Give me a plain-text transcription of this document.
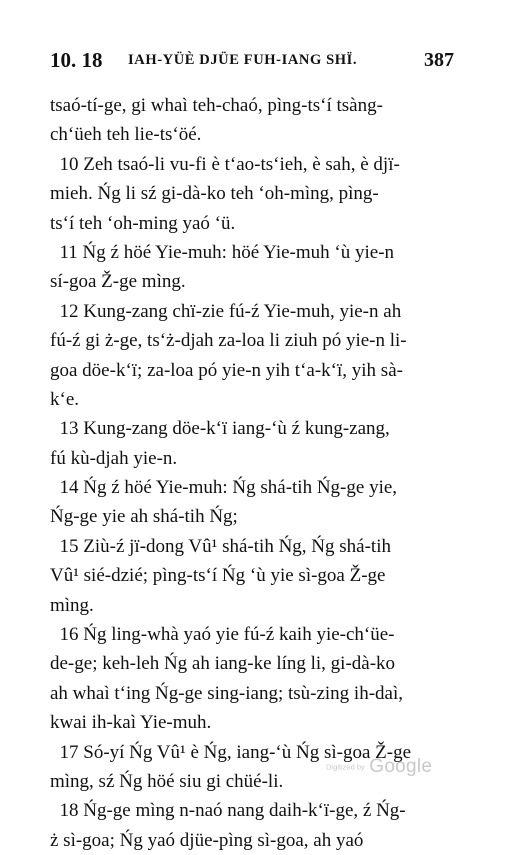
10. 18 IAH-YÜÈ DJÜE FUH-IANG SHÏ.	387
tsaó-tí-ge, gi whaì teh-chaó, pìng-ts‘í tsàng-
ch‘üeh teh lie-ts‘öé.
10 Zeh tsaó-li vu-fi è t‘ao-ts‘ieh, è sah, è djï-
mieh. Ńg li sź gi-dà-ko teh ‘oh-mìng, pìng-
ts‘í teh ‘oh-ming yaó ‘ü.
11 Ńg ź höé Yie-muh: höé Yie-muh ‘ù yie-n
sí-goa Ž-ge mìng.
12 Kung-zang chï-zie fú-ź Yie-muh, yie-n ah
fú-ź gi ż-ge, ts‘ż-djah za-loa li ziuh pó yie-n li-
goa döe-k‘ï; za-loa pó yie-n yih t‘a-k‘ï, yih sà-
k‘e.
13 Kung-zang döe-k‘ï iang-‘ù ź kung-zang,
fú kù-djah yie-n.
14 Ńg ź höé Yie-muh: Ńg shá-tih Ńg-ge yie,
Ńg-ge yie ah shá-tih Ńg;
15 Ziù-ź jï-dong Vû¹ shá-tih Ńg, Ńg shá-tih
Vû¹ sié-dzié; pìng-ts‘í Ńg ‘ù yie sì-goa Ž-ge
mìng.
16 Ńg ling-whà yaó yie fú-ź kaih yie-ch‘üe-
de-ge; keh-leh Ńg ah iang-ke líng li, gi-dà-ko
ah whaì t‘ing Ńg-ge sing-iang; tsù-zing ih-daì,
kwai ih-kaì Yie-muh.
17 Só-yí Ńg Vû¹ è Ńg, iang-‘ù Ńg sì-goa Ž-ge
mìng, sź Ńg höé siu gi chüé-li.
18 Ńg-ge mìng n-naó nang daih-k‘ï-ge, ź Ńg-
ż sì-goa; Ńg yaó djüe-pìng sì-goa, ah yaó
Digitized by Google
